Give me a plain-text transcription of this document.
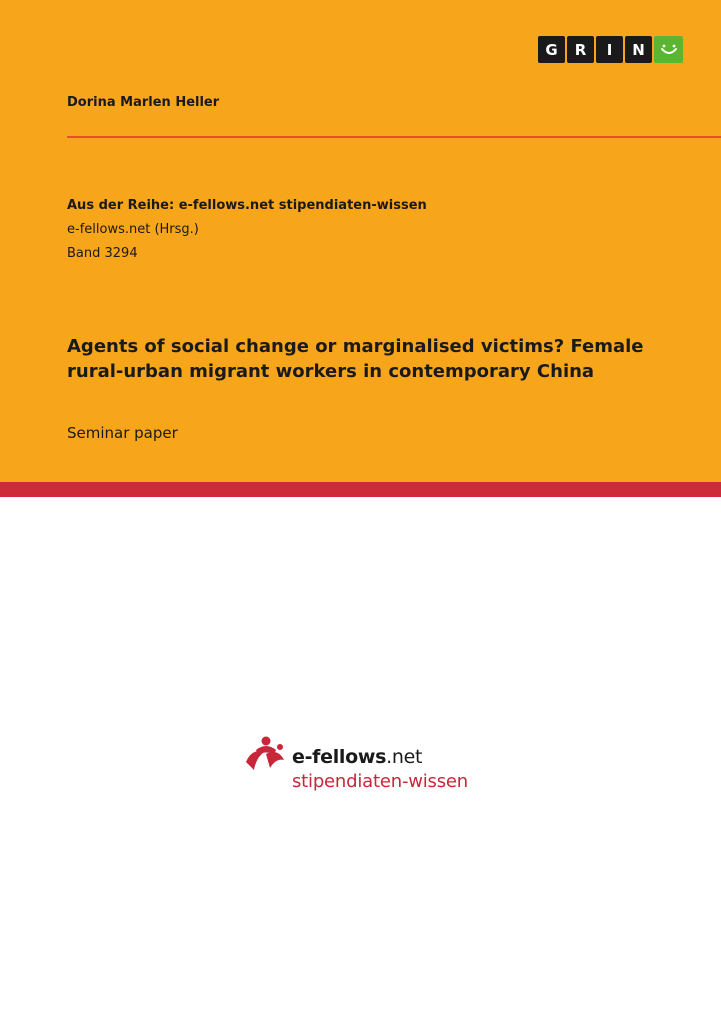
G	R	I	N
Dorina Marlen Heller
Aus der Reihe: e-fellows.net stipendiaten-wissen
e-fellows.net (Hrsg.)
Band 3294
Agents of social change or marginalised victims? Female
rural-urban migrant workers in contemporary China
Seminar paper
e-fellows.net
stipendiaten-wissen
